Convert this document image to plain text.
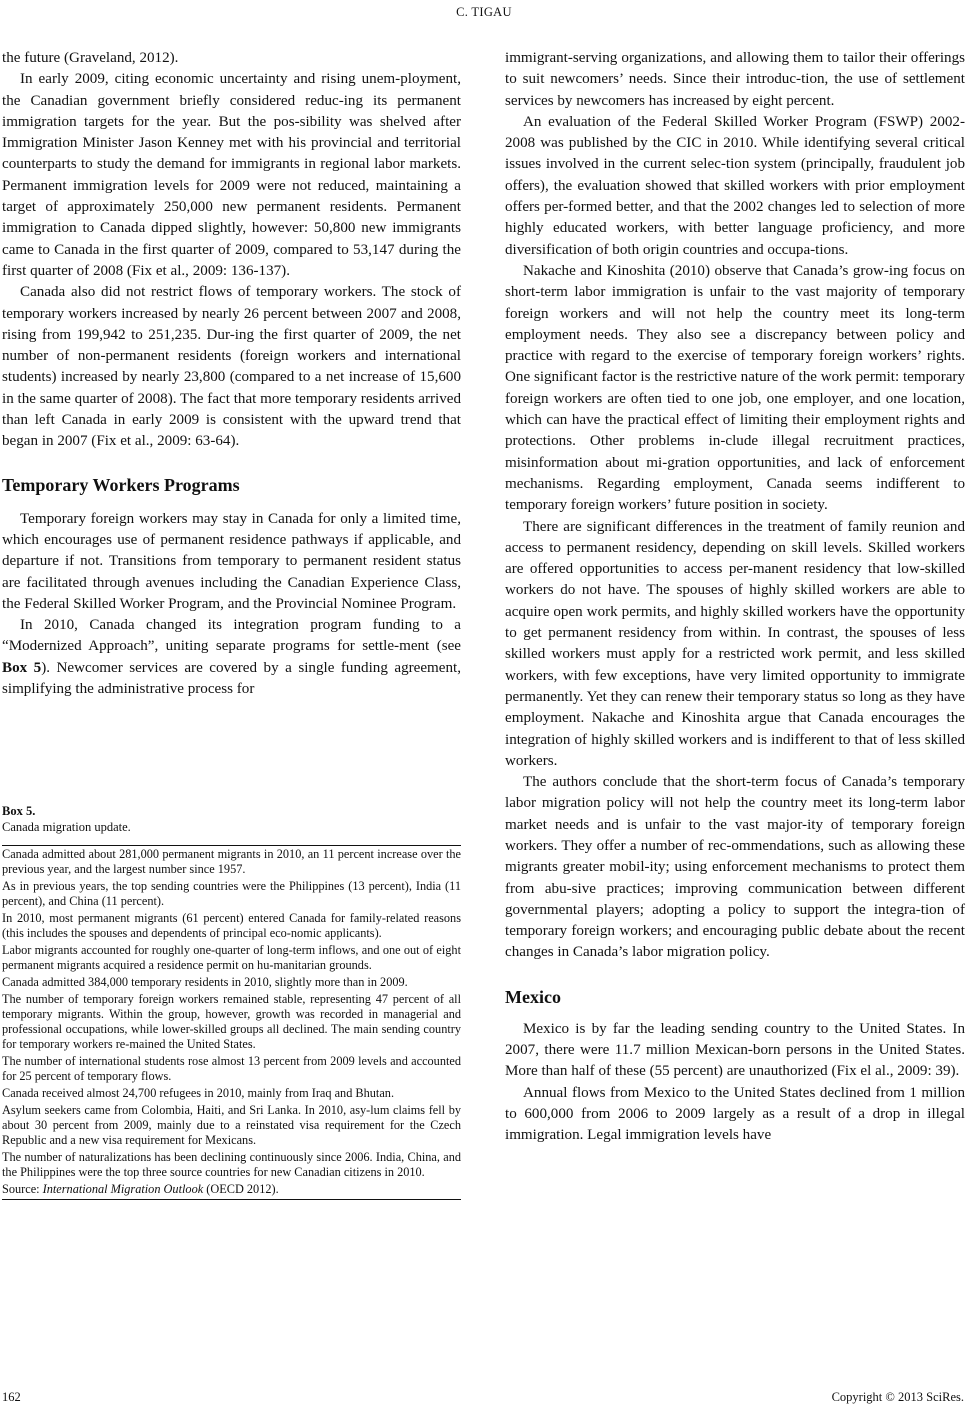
C. TIGAU

the future (Graveland, 2012).

In early 2009, citing economic uncertainty and rising unem-ployment, the Canadian government briefly considered reduc-ing its permanent immigration targets for the year. But the pos-sibility was shelved after Immigration Minister Jason Kenney met with his provincial and territorial counterparts to study the demand for immigrants in regional labor markets. Permanent immigration levels for 2009 were not reduced, maintaining a target of approximately 250,000 new permanent residents. Permanent immigration to Canada dipped slightly, however: 50,800 new immigrants came to Canada in the first quarter of 2009, compared to 53,147 during the first quarter of 2008 (Fix et al., 2009: 136-137).

Canada also did not restrict flows of temporary workers. The stock of temporary workers increased by nearly 26 percent between 2007 and 2008, rising from 199,942 to 251,235. Dur-ing the first quarter of 2009, the net number of non-permanent residents (foreign workers and international students) increased by nearly 23,800 (compared to a net increase of 15,600 in the same quarter of 2008). The fact that more temporary residents arrived than left Canada in early 2009 is consistent with the upward trend that began in 2007 (Fix et al., 2009: 63-64).

Temporary Workers Programs

Temporary foreign workers may stay in Canada for only a limited time, which encourages use of permanent residence pathways if applicable, and departure if not. Transitions from temporary to permanent resident status are facilitated through avenues including the Canadian Experience Class, the Federal Skilled Worker Program, and the Provincial Nominee Program.

In 2010, Canada changed its integration program funding to a “Modernized Approach”, uniting separate programs for settle-ment (see Box 5). Newcomer services are covered by a single funding agreement, simplifying the administrative process for

Box 5.
Canada migration update.
Canada admitted about 281,000 permanent migrants in 2010, an 11 percent increase over the previous year, and the largest number since 1957.
As in previous years, the top sending countries were the Philippines (13 percent), India (11 percent), and China (11 percent).
In 2010, most permanent migrants (61 percent) entered Canada for family-related reasons (this includes the spouses and dependents of principal eco-nomic applicants).
Labor migrants accounted for roughly one-quarter of long-term inflows, and one out of eight permanent migrants acquired a residence permit on hu-manitarian grounds.
Canada admitted 384,000 temporary residents in 2010, slightly more than in 2009.
The number of temporary foreign workers remained stable, representing 47 percent of all temporary migrants. Within the group, however, growth was recorded in managerial and professional occupations, while lower-skilled groups all declined. The main sending country for temporary workers re-mained the United States.
The number of international students rose almost 13 percent from 2009 levels and accounted for 25 percent of temporary flows.
Canada received almost 24,700 refugees in 2010, mainly from Iraq and Bhutan.
Asylum seekers came from Colombia, Haiti, and Sri Lanka. In 2010, asy-lum claims fell by about 30 percent from 2009, mainly due to a reinstated visa requirement for the Czech Republic and a new visa requirement for Mexicans.
The number of naturalizations has been declining continuously since 2006. India, China, and the Philippines were the top three source countries for new Canadian citizens in 2010.
Source: International Migration Outlook (OECD 2012).

immigrant-serving organizations, and allowing them to tailor their offerings to suit newcomers’ needs. Since their introduc-tion, the use of settlement services by newcomers has increased by eight percent.

An evaluation of the Federal Skilled Worker Program (FSWP) 2002-2008 was published by the CIC in 2010. While identifying several critical issues involved in the current selec-tion system (principally, fraudulent job offers), the evaluation showed that skilled workers with prior employment offers per-formed better, and that the 2002 changes led to selection of more highly educated workers, with better language proficiency, and more diversification of both origin countries and occupa-tions.

Nakache and Kinoshita (2010) observe that Canada’s grow-ing focus on short-term labor immigration is unfair to the vast majority of temporary foreign workers and will not help the country meet its long-term employment needs. They also see a discrepancy between policy and practice with regard to the exercise of temporary foreign workers’ rights. One significant factor is the restrictive nature of the work permit: temporary foreign workers are often tied to one job, one employer, and one location, which can have the practical effect of limiting their employment rights and protections. Other problems in-clude illegal recruitment practices, misinformation about mi-gration opportunities, and lack of enforcement mechanisms. Regarding employment, Canada seems indifferent to temporary foreign workers’ future position in society.

There are significant differences in the treatment of family reunion and access to permanent residency, depending on skill levels. Skilled workers are offered opportunities to access per-manent residency that low-skilled workers do not have. The spouses of highly skilled workers are able to acquire open work permits, and highly skilled workers have the opportunity to get permanent residency from within. In contrast, the spouses of less skilled workers must apply for a restricted work permit, and less skilled workers, with few exceptions, have very limited opportunity to immigrate permanently. Yet they can renew their temporary status so long as they have employment. Nakache and Kinoshita argue that Canada encourages the integration of highly skilled workers and is indifferent to that of less skilled workers.

The authors conclude that the short-term focus of Canada’s temporary labor migration policy will not help the country meet its long-term labor market needs and is unfair to the vast major-ity of temporary foreign workers. They offer a number of rec-ommendations, such as allowing these migrants greater mobil-ity; using enforcement mechanisms to protect them from abu-sive practices; improving communication between different governmental players; adopting a policy to support the integra-tion of temporary foreign workers; and encouraging public debate about the recent changes in Canada’s labor migration policy.

Mexico

Mexico is by far the leading sending country to the United States. In 2007, there were 11.7 million Mexican-born persons in the United States. More than half of these (55 percent) are unauthorized (Fix el al., 2009: 39).

Annual flows from Mexico to the United States declined from 1 million to 600,000 from 2006 to 2009 largely as a result of a drop in illegal immigration. Legal immigration levels have

162	Copyright © 2013 SciRes.
